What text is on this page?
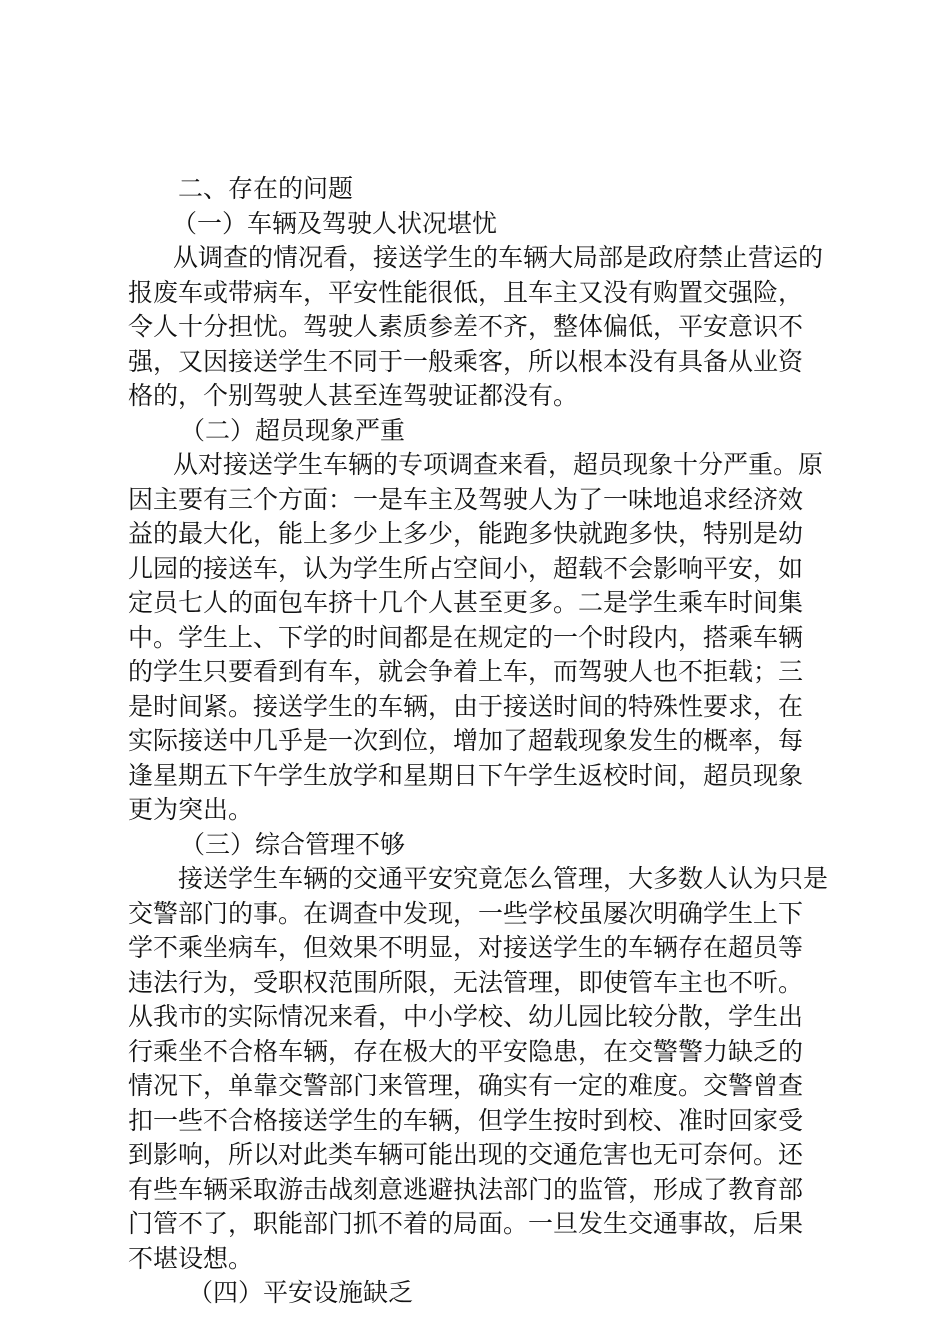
二、存在的问题
（一）车辆及驾驶人状况堪忧
从调查的情况看，接送学生的车辆大局部是政府禁止营运的
报废车或带病车，平安性能很低，且车主又没有购置交强险，
令人十分担忧。驾驶人素质参差不齐，整体偏低，平安意识不
强，又因接送学生不同于一般乘客，所以根本没有具备从业资
格的，个别驾驶人甚至连驾驶证都没有。
（二）超员现象严重
从对接送学生车辆的专项调查来看，超员现象十分严重。原
因主要有三个方面：一是车主及驾驶人为了一味地追求经济效
益的最大化，能上多少上多少，能跑多快就跑多快，特别是幼
儿园的接送车，认为学生所占空间小，超载不会影响平安，如
定员七人的面包车挤十几个人甚至更多。二是学生乘车时间集
中。学生上、下学的时间都是在规定的一个时段内，搭乘车辆
的学生只要看到有车，就会争着上车，而驾驶人也不拒载；三
是时间紧。接送学生的车辆，由于接送时间的特殊性要求，在
实际接送中几乎是一次到位，增加了超载现象发生的概率，每
逢星期五下午学生放学和星期日下午学生返校时间，超员现象
更为突出。
（三）综合管理不够
接送学生车辆的交通平安究竟怎么管理，大多数人认为只是
交警部门的事。在调查中发现，一些学校虽屡次明确学生上下
学不乘坐病车，但效果不明显，对接送学生的车辆存在超员等
违法行为，受职权范围所限，无法管理，即使管车主也不听。
从我市的实际情况来看，中小学校、幼儿园比较分散，学生出
行乘坐不合格车辆，存在极大的平安隐患，在交警警力缺乏的
情况下，单靠交警部门来管理，确实有一定的难度。交警曾查
扣一些不合格接送学生的车辆，但学生按时到校、准时回家受
到影响，所以对此类车辆可能出现的交通危害也无可奈何。还
有些车辆采取游击战刻意逃避执法部门的监管，形成了教育部
门管不了，职能部门抓不着的局面。一旦发生交通事故，后果
不堪设想。
（四）平安设施缺乏
